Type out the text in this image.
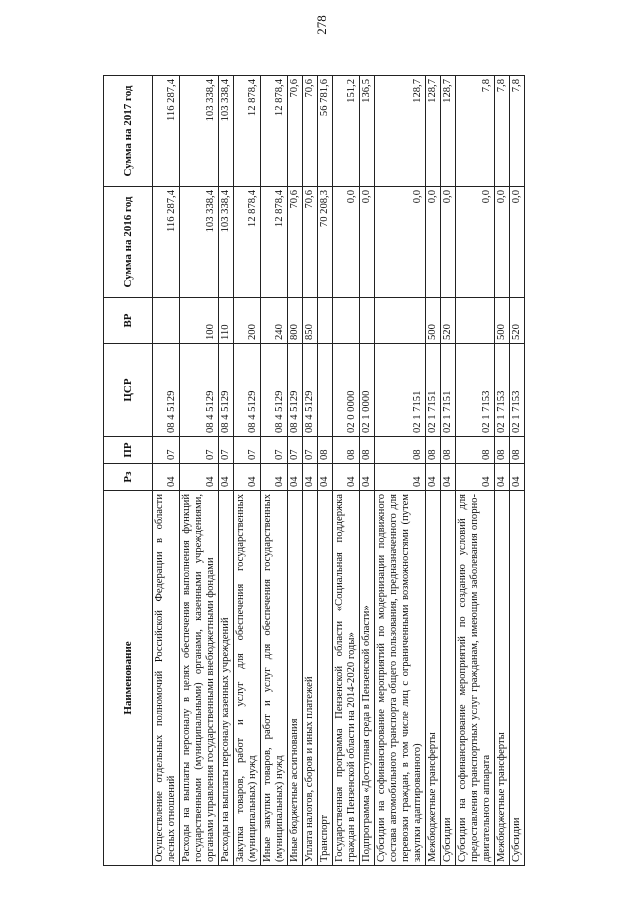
278
Наименование	Рз	ПР	ЦСР	ВР	Сумма на 2016 год	Сумма на 2017 год
Осуществление отдельных полномочий Российской Федерации в области лесных отношений	04	07	08 4 5129		116 287,4	116 287,4
Расходы на выплаты персоналу в целях обеспечения выполнения функций государственными (муниципальными) органами, казенными учреждениями, органами управления государственными внебюджетными фондами	04	07	08 4 5129	100	103 338,4	103 338,4
Расходы на выплаты персоналу казенных учреждений	04	07	08 4 5129	110	103 338,4	103 338,4
Закупка товаров, работ и услуг для обеспечения государственных (муниципальных) нужд	04	07	08 4 5129	200	12 878,4	12 878,4
Иные закупки товаров, работ и услуг для обеспечения государственных (муниципальных) нужд	04	07	08 4 5129	240	12 878,4	12 878,4
Иные бюджетные ассигнования	04	07	08 4 5129	800	70,6	70,6
Уплата налогов, сборов и иных платежей	04	07	08 4 5129	850	70,6	70,6
Транспорт	04	08			70 208,3	56 781,6
Государственная программа Пензенской области «Социальная поддержка граждан в Пензенской области на 2014-2020 годы»	04	08	02 0 0000		0,0	151,2
Подпрограмма «Доступная среда в Пензенской области»	04	08	02 1 0000		0,0	136,5
Субсидии на софинансирование мероприятий по модернизации подвижного состава автомобильного транспорта общего пользования, предназначенного для перевозки граждан, в том числе лиц с ограниченными возможностями (путем закупки адаптированного)	04	08	02 1 7151		0,0	128,7
Межбюджетные трансферты	04	08	02 1 7151	500	0,0	128,7
Субсидии	04	08	02 1 7151	520	0,0	128,7
Субсидии на софинансирование мероприятий по созданию условий для предоставления транспортных услуг гражданам, имеющим заболевания опорно-двигательного аппарата	04	08	02 1 7153		0,0	7,8
Межбюджетные трансферты	04	08	02 1 7153	500	0,0	7,8
Субсидии	04	08	02 1 7153	520	0,0	7,8
